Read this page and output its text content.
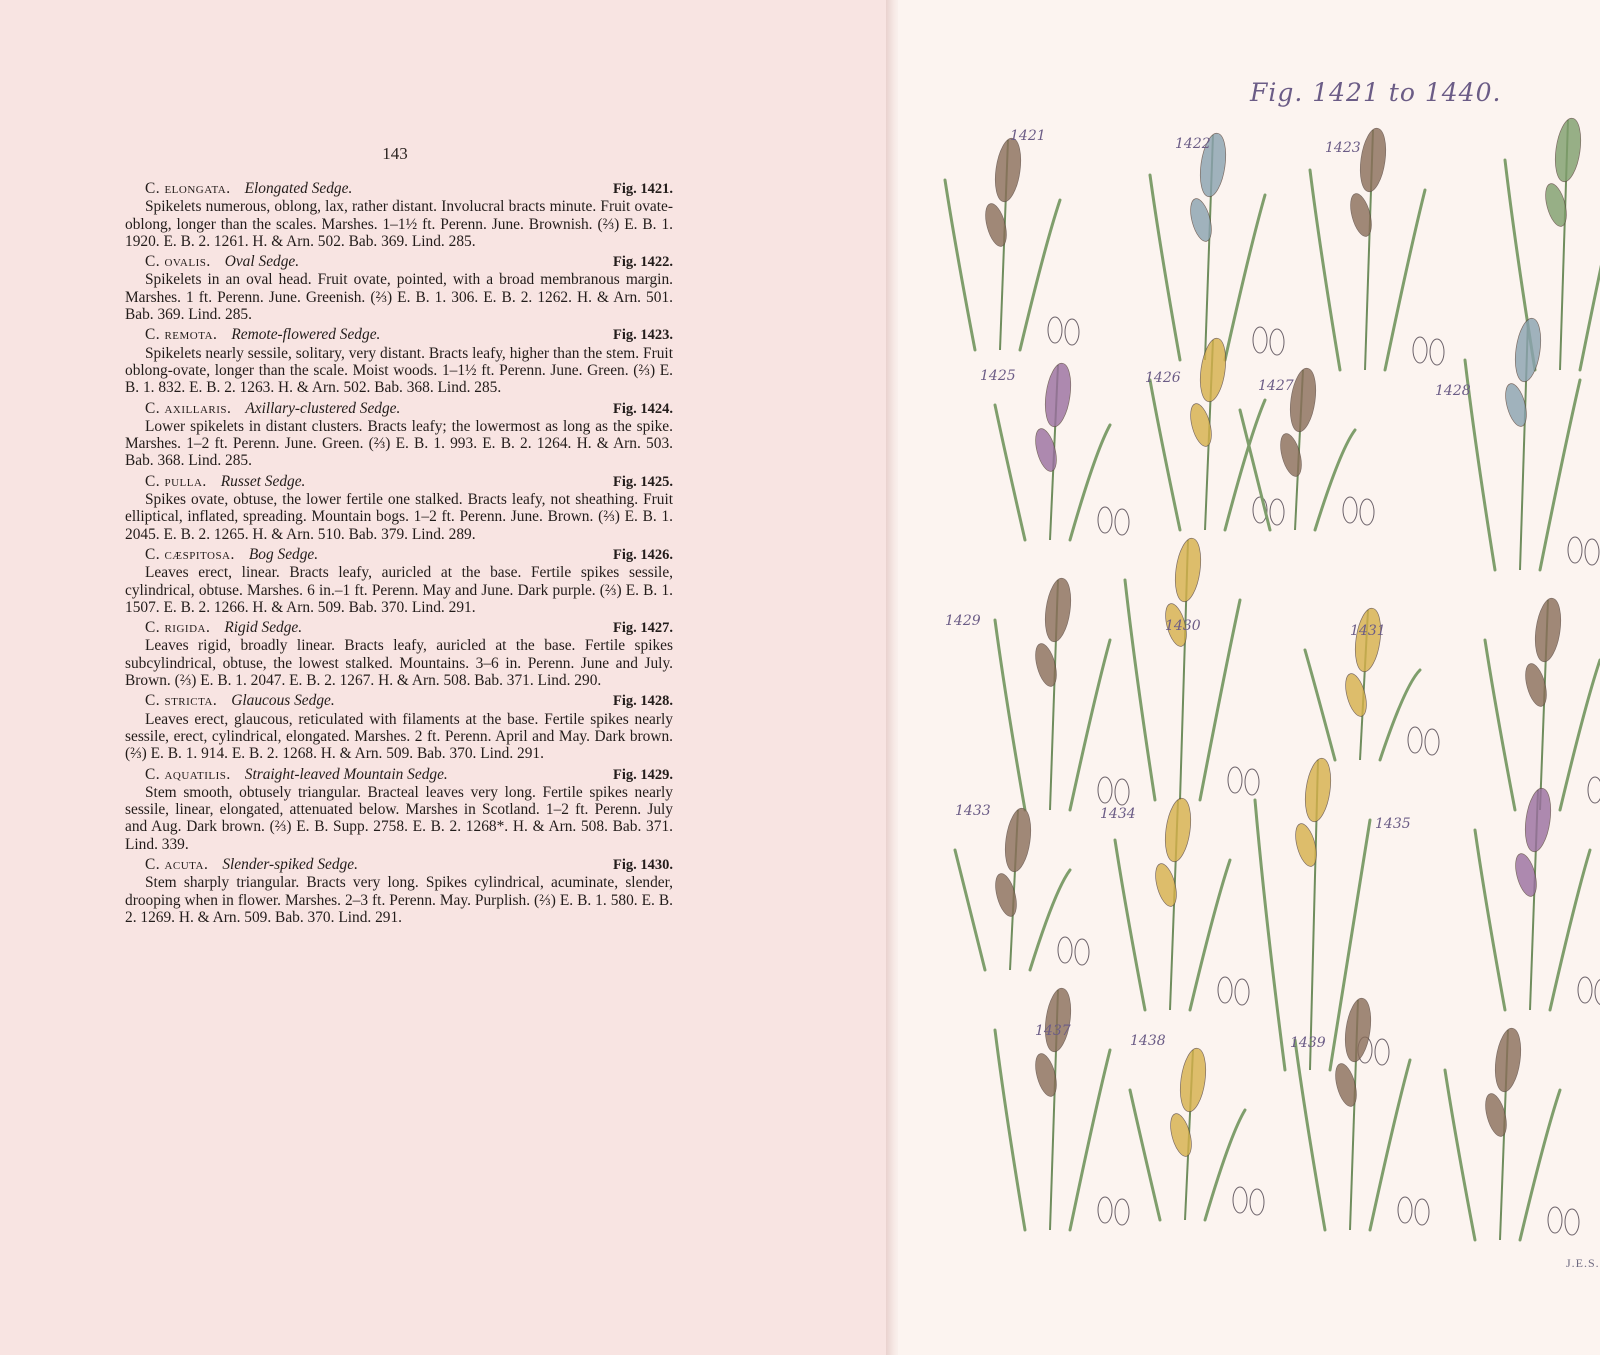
143
C. elongata. Elongated Sedge.	Fig. 1421.
Spikelets numerous, oblong, lax, rather distant. Involucral bracts minute. Fruit ovate-oblong, longer than the scales. Marshes. 1–1½ ft. Perenn. June. Brownish. (⅔) E. B. 1. 1920. E. B. 2. 1261. H. & Arn. 502. Bab. 369. Lind. 285.
C. ovalis. Oval Sedge.	Fig. 1422.
Spikelets in an oval head. Fruit ovate, pointed, with a broad membranous margin. Marshes. 1 ft. Perenn. June. Greenish. (⅔) E. B. 1. 306. E. B. 2. 1262. H. & Arn. 501. Bab. 369. Lind. 285.
C. remota. Remote-flowered Sedge.	Fig. 1423.
Spikelets nearly sessile, solitary, very distant. Bracts leafy, higher than the stem. Fruit oblong-ovate, longer than the scale. Moist woods. 1–1½ ft. Perenn. June. Green. (⅔) E. B. 1. 832. E. B. 2. 1263. H. & Arn. 502. Bab. 368. Lind. 285.
C. axillaris. Axillary-clustered Sedge.	Fig. 1424.
Lower spikelets in distant clusters. Bracts leafy; the lowermost as long as the spike. Marshes. 1–2 ft. Perenn. June. Green. (⅔) E. B. 1. 993. E. B. 2. 1264. H. & Arn. 503. Bab. 368. Lind. 285.
C. pulla. Russet Sedge.	Fig. 1425.
Spikes ovate, obtuse, the lower fertile one stalked. Bracts leafy, not sheathing. Fruit elliptical, inflated, spreading. Mountain bogs. 1–2 ft. Perenn. June. Brown. (⅔) E. B. 1. 2045. E. B. 2. 1265. H. & Arn. 510. Bab. 379. Lind. 289.
C. cæspitosa. Bog Sedge.	Fig. 1426.
Leaves erect, linear. Bracts leafy, auricled at the base. Fertile spikes sessile, cylindrical, obtuse. Marshes. 6 in.–1 ft. Perenn. May and June. Dark purple. (⅔) E. B. 1. 1507. E. B. 2. 1266. H. & Arn. 509. Bab. 370. Lind. 291.
C. rigida. Rigid Sedge.	Fig. 1427.
Leaves rigid, broadly linear. Bracts leafy, auricled at the base. Fertile spikes subcylindrical, obtuse, the lowest stalked. Mountains. 3–6 in. Perenn. June and July. Brown. (⅔) E. B. 1. 2047. E. B. 2. 1267. H. & Arn. 508. Bab. 371. Lind. 290.
C. stricta. Glaucous Sedge.	Fig. 1428.
Leaves erect, glaucous, reticulated with filaments at the base. Fertile spikes nearly sessile, erect, cylindrical, elongated. Marshes. 2 ft. Perenn. April and May. Dark brown. (⅔) E. B. 1. 914. E. B. 2. 1268. H. & Arn. 509. Bab. 370. Lind. 291.
C. aquatilis. Straight-leaved Mountain Sedge.	Fig. 1429.
Stem smooth, obtusely triangular. Bracteal leaves very long. Fertile spikes nearly sessile, linear, elongated, attenuated below. Marshes in Scotland. 1–2 ft. Perenn. July and Aug. Dark brown. (⅔) E. B. Supp. 2758. E. B. 2. 1268*. H. & Arn. 508. Bab. 371. Lind. 339.
C. acuta. Slender-spiked Sedge.	Fig. 1430.
Stem sharply triangular. Bracts very long. Spikes cylindrical, acuminate, slender, drooping when in flower. Marshes. 2–3 ft. Perenn. May. Purplish. (⅔) E. B. 1. 580. E. B. 2. 1269. H. & Arn. 509. Bab. 370. Lind. 291.
Fig. 1421 to 1440.
1421	1422	1423
1425	1426	1427	1428
1429	1430	1431
1433	1434
1435
1437
1438	1439
J.E.S.
